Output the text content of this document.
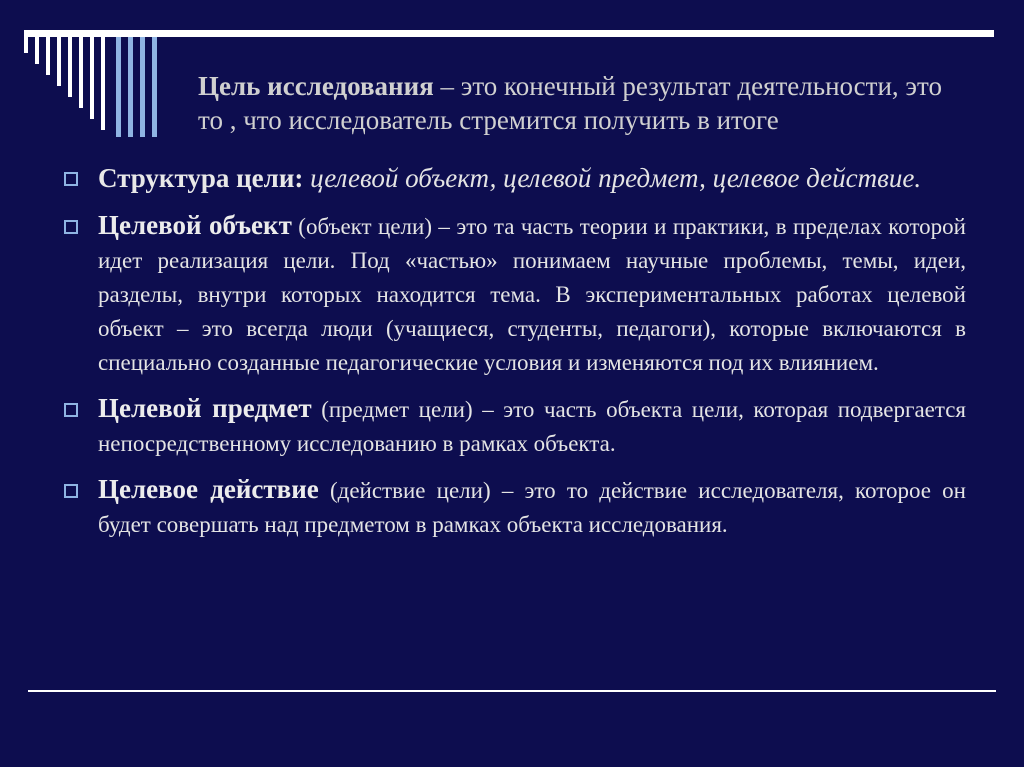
Цель исследования – это конечный результат деятельности, это то , что исследователь стремится получить в итоге

Структура цели: целевой объект, целевой предмет, целевое действие.

Целевой объект (объект цели) – это та часть теории и практики, в пределах которой идет реализация цели. Под «частью» понимаем научные проблемы, темы, идеи, разделы, внутри которых находится тема. В экспериментальных работах целевой объект – это всегда люди (учащиеся, студенты, педагоги), которые включаются в специально созданные педагогические условия и изменяются под их влиянием.

Целевой предмет (предмет цели) – это часть объекта цели, которая подвергается непосредственному исследованию в рамках объекта.

Целевое действие (действие цели) – это то действие исследователя, которое он будет совершать над предметом в рамках объекта исследования.
